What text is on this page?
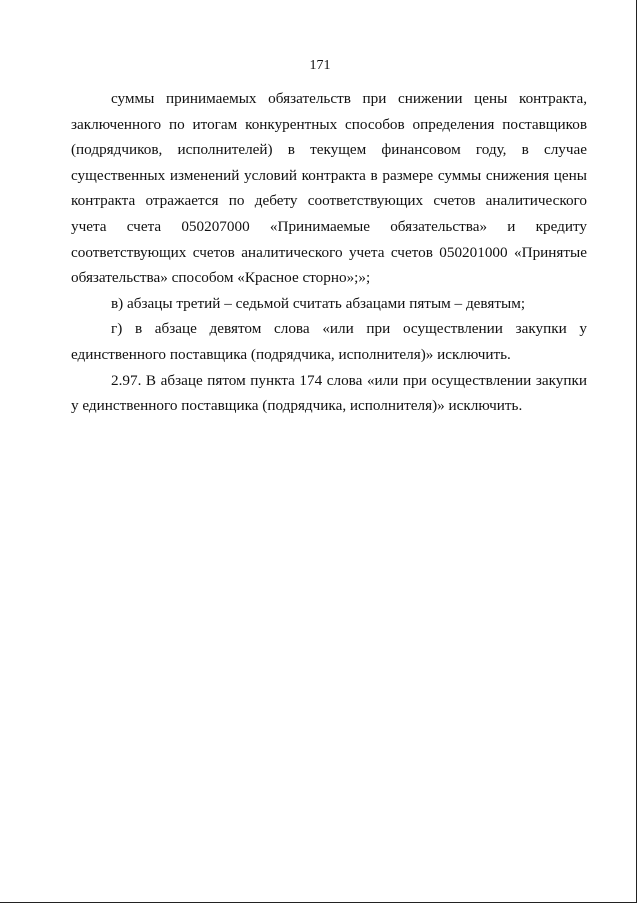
171

суммы принимаемых обязательств при снижении цены контракта, заключенного по итогам конкурентных способов определения поставщиков (подрядчиков, исполнителей) в текущем финансовом году, в случае существенных изменений условий контракта в размере суммы снижения цены контракта отражается по дебету соответствующих счетов аналитического учета счета 050207000 «Принимаемые обязательства» и кредиту соответствующих счетов аналитического учета счетов 050201000 «Принятые обязательства» способом «Красное сторно»;»;

в) абзацы третий – седьмой считать абзацами пятым – девятым;

г) в абзаце девятом слова «или при осуществлении закупки у единственного поставщика (подрядчика, исполнителя)» исключить.

2.97. В абзаце пятом пункта 174 слова «или при осуществлении закупки у единственного поставщика (подрядчика, исполнителя)» исключить.
